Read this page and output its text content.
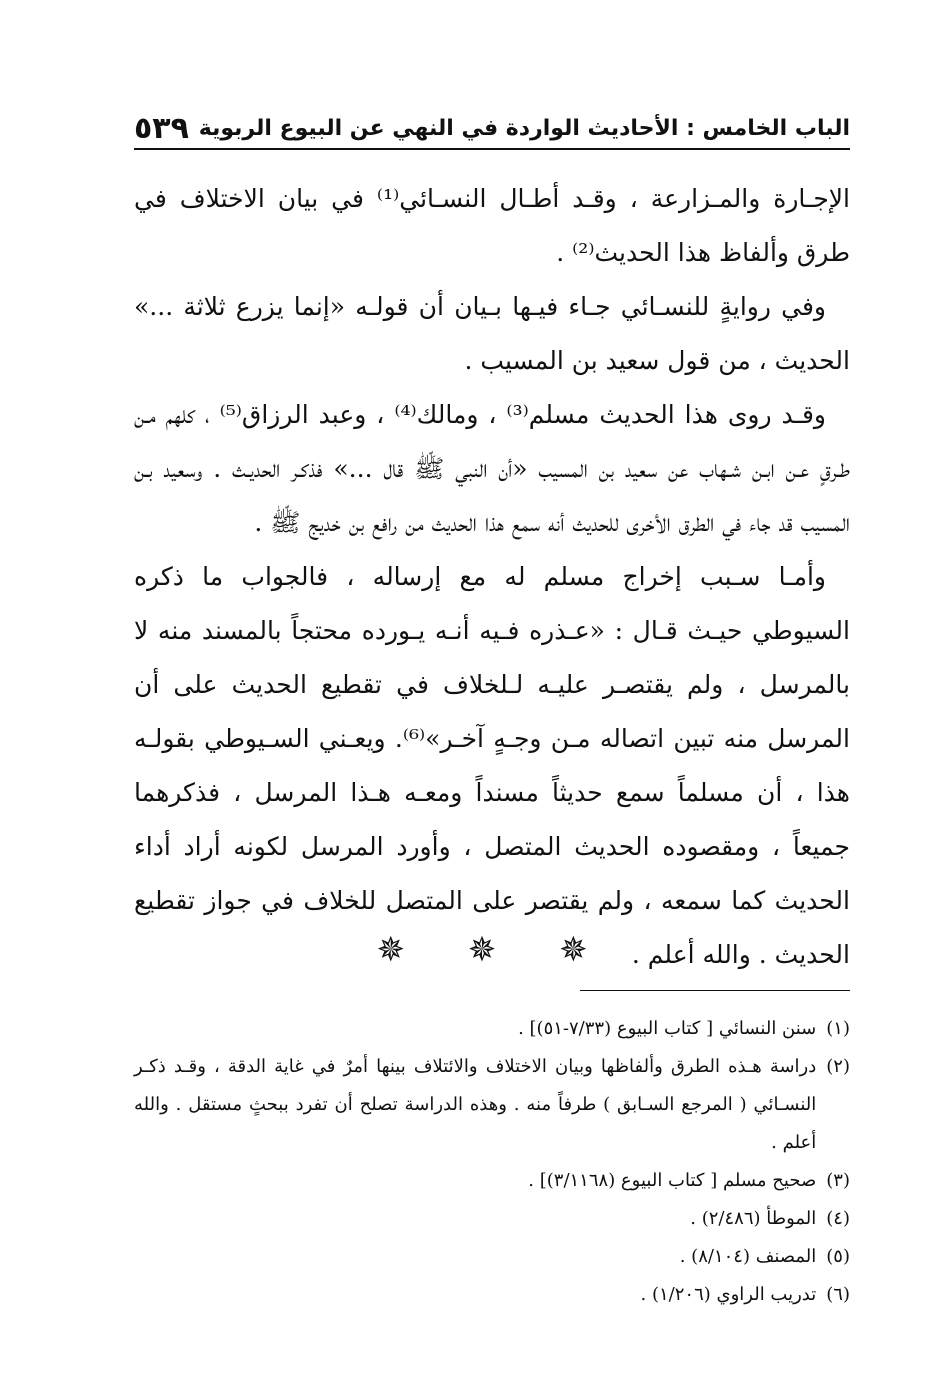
الباب الخامس : الأحاديث الواردة في النهي عن البيوع الربوية
٥٣٩

الإجـارة والمـزارعة ، وقـد أطـال النسـائي⁽¹⁾ في بيان الاختلاف في طرق وألفاظ هذا الحديث⁽²⁾ .

وفي روايةٍ للنسـائي جـاء فيـها بـيان أن قولـه «إنما يزرع ثلاثة ...» الحديث ، من قول سعيد بن المسيب .

وقـد روى هذا الحديث مسلم⁽³⁾ ، ومالك⁽⁴⁾ ، وعبد الرزاق⁽⁵⁾ ، كلهم مـن طـرقٍ عـن ابـن شـهاب عن سعيد بن المسيب «أن النبي ﷺ قال ...» فذكـر الحديـث . وسعيد بـن المسيب قد جاء في الطرق الأخرى للحديث أنه سمع هذا الحديث من رافع بن خديج ﷺ .

وأمـا سـبب إخراج مسلم له مع إرساله ، فالجواب ما ذكره السيوطي حيـث قـال : «عـذره فـيه أنـه يـورده محتجاً بالمسند منه لا بالمرسل ، ولم يقتصـر عليـه لـلخلاف في تقطيع الحديث على أن المرسل منه تبين اتصاله مـن وجـهٍ آخـر»⁽⁶⁾. ويعـني السـيوطي بقولـه هذا ، أن مسلماً سمع حديثاً مسنداً ومعـه هـذا المرسل ، فذكرهما جميعاً ، ومقصوده الحديث المتصل ، وأورد المرسل لكونه أراد أداء الحديث كما سمعه ، ولم يقتصر على المتصل للخلاف في جواز تقطيع الحديث . والله أعلم .

✵ ✵ ✵
(١)
سنن النسائي [ كتاب البيوع (٧/٣٣-٥١)] .
(٢)
دراسة هـذه الطرق وألفاظها وبيان الاختلاف والائتلاف بينها أمرٌ في غاية الدقة ، وقـد ذكـر النسـائي ( المرجع السـابق ) طرفاً منه . وهذه الدراسة تصلح أن تفرد ببحثٍ مستقل . والله أعلم .
(٣)
صحيح مسلم [ كتاب البيوع (٣/١١٦٨)] .
(٤)
الموطأ (٢/٤٨٦) .
(٥)
المصنف (٨/١٠٤) .
(٦)
تدريب الراوي (١/٢٠٦) .
